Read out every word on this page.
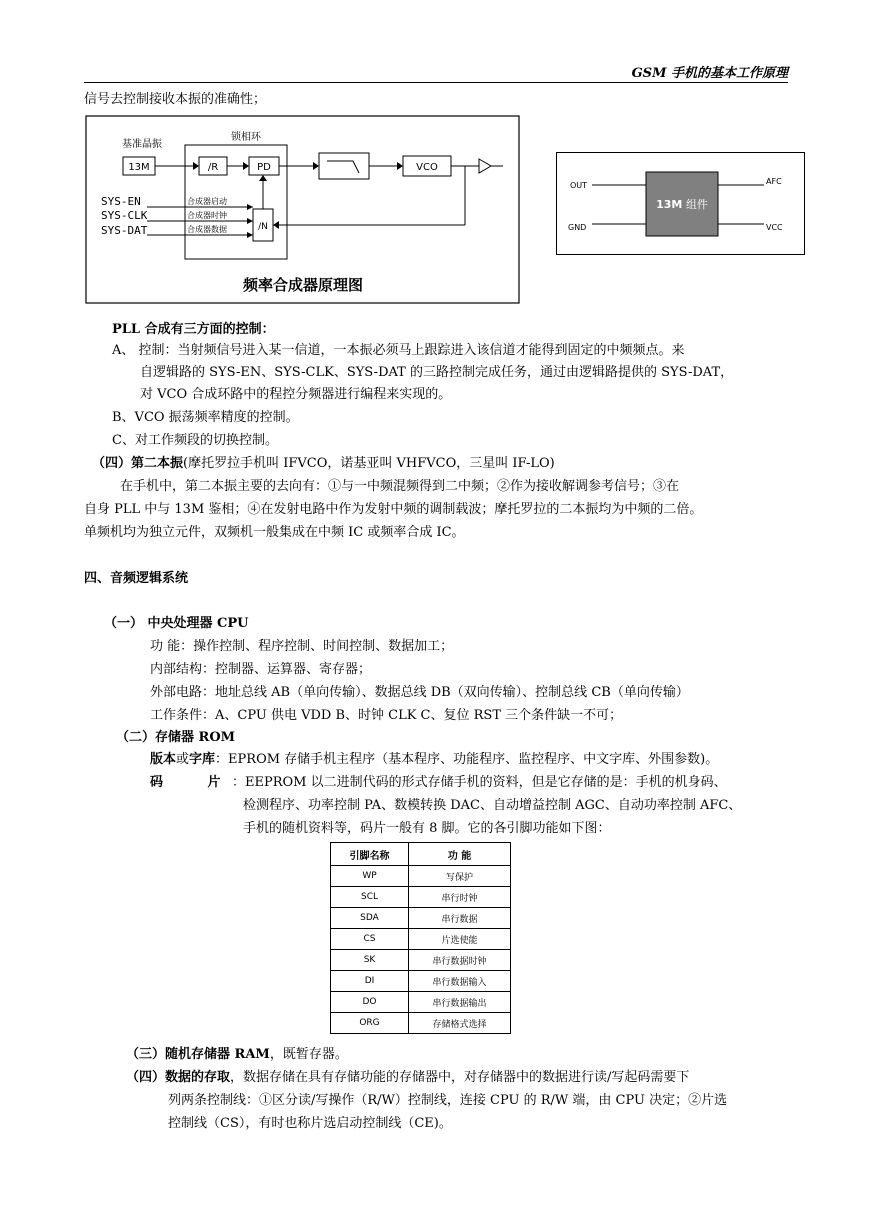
GSM 手机的基本工作原理
信号去控制接收本振的准确性；
基准晶振
锁相环
13M	/R	PD	VCO
/N
SYS-EN
SYS-CLK
SYS-DAT
合成器启动
合成器时钟
合成器数据
频率合成器原理图
13M 组件
OUT
GND
AFC
VCC
PLL 合成有三方面的控制：
A、 控制：当射频信号进入某一信道，一本振必须马上跟踪进入该信道才能得到固定的中频频点。来
自逻辑路的 SYS-EN、SYS-CLK、SYS-DAT 的三路控制完成任务，通过由逻辑路提供的 SYS-DAT，
对 VCO 合成环路中的程控分频器进行编程来实现的。
B、VCO 振荡频率精度的控制。
C、对工作频段的切换控制。
（四）第二本振(摩托罗拉手机叫 IFVCO，诺基亚叫 VHFVCO，三星叫 IF-LO)
在手机中，第二本振主要的去向有：①与一中频混频得到二中频；②作为接收解调参考信号；③在
自身 PLL 中与 13M 鉴相；④在发射电路中作为发射中频的调制载波；摩托罗拉的二本振均为中频的二倍。
单频机均为独立元件，双频机一般集成在中频 IC 或频率合成 IC。
四、音频逻辑系统
（一） 中央处理器 CPU
功 能：操作控制、程序控制、时间控制、数据加工；
内部结构：控制器、运算器、寄存器；
外部电路：地址总线 AB（单向传输）、数据总线 DB（双向传输）、控制总线 CB（单向传输）
工作条件：A、CPU 供电 VDD B、时钟 CLK C、复位 RST 三个条件缺一不可；
（二）存储器 ROM
版本或字库：EPROM 存储手机主程序（基本程序、功能程序、监控程序、中文字库、外围参数)。
码 片 ：EEPROM 以二进制代码的形式存储手机的资料，但是它存储的是：手机的机身码、
检测程序、功率控制 PA、数模转换 DAC、自动增益控制 AGC、自动功率控制 AFC、
手机的随机资料等，码片一般有 8 脚。它的各引脚功能如下图：
引脚名称	功 能
WP	写保护
SCL	串行时钟
SDA	串行数据
CS	片选使能
SK	串行数据时钟
DI	串行数据输入
DO	串行数据输出
ORG	存储格式选择
（三）随机存储器 RAM，既暂存器。
（四）数据的存取，数据存储在具有存储功能的存储器中，对存储器中的数据进行读/写起码需要下
列两条控制线：①区分读/写操作（R/W）控制线，连接 CPU 的 R/W 端，由 CPU 决定；②片选
控制线（CS），有时也称片选启动控制线（CE)。
